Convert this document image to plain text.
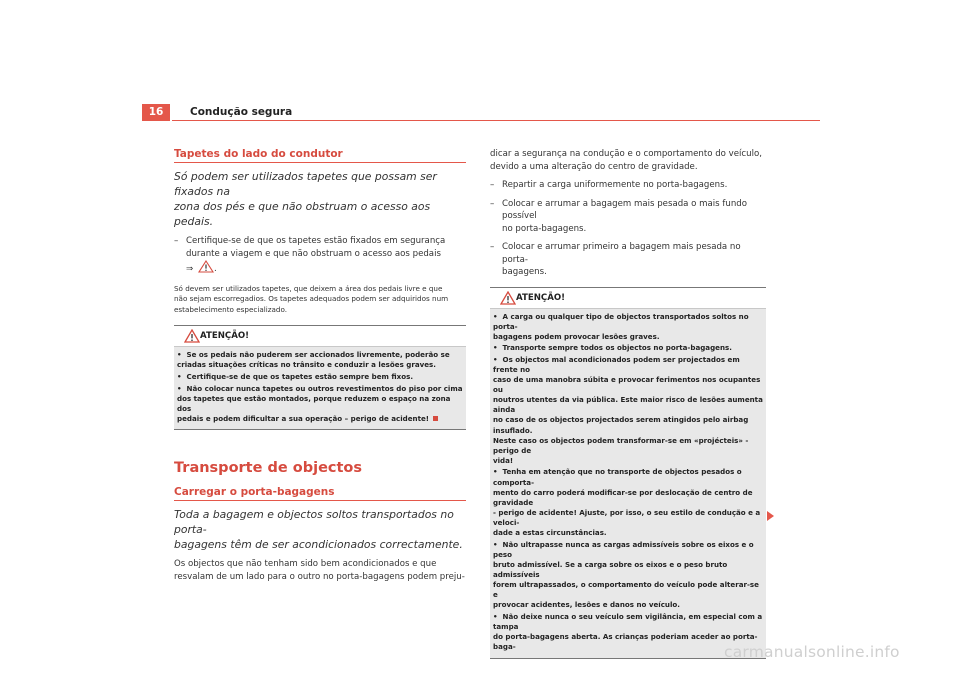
16	Condução segura
Tapetes do lado do condutor

Só podem ser utilizados tapetes que possam ser fixados na
zona dos pés e que não obstruam o acesso aos pedais.

– Certifique-se de que os tapetes estão fixados em segurança
durante a viagem e que não obstruam o acesso aos pedais
⇒ .

Só devem ser utilizados tapetes, que deixem a área dos pedais livre e que
não sejam escorregadios. Os tapetes adequados podem ser adquiridos num
estabelecimento especializado.

ATENÇÃO!

• Se os pedais não puderem ser accionados livremente, poderão se
criadas situações críticas no trânsito e conduzir a lesões graves.

• Certifique-se de que os tapetes estão sempre bem fixos.

• Não colocar nunca tapetes ou outros revestimentos do piso por cima
dos tapetes que estão montados, porque reduzem o espaço na zona dos
pedais e podem dificultar a sua operação – perigo de acidente!

Transporte de objectos
Carregar o porta-bagagens

Toda a bagagem e objectos soltos transportados no porta-
bagagens têm de ser acondicionados correctamente.

Os objectos que não tenham sido bem acondicionados e que
resvalam de um lado para o outro no porta-bagagens podem preju-

dicar a segurança na condução e o comportamento do veículo,
devido a uma alteração do centro de gravidade.

– Repartir a carga uniformemente no porta-bagagens.
– Colocar e arrumar a bagagem mais pesada o mais fundo possível
no porta-bagagens.
– Colocar e arrumar primeiro a bagagem mais pesada no porta-
bagagens.
ATENÇÃO!

• A carga ou qualquer tipo de objectos transportados soltos no porta-
bagagens podem provocar lesões graves.

• Transporte sempre todos os objectos no porta-bagagens.

• Os objectos mal acondicionados podem ser projectados em frente no
caso de uma manobra súbita e provocar ferimentos nos ocupantes ou
noutros utentes da via pública. Este maior risco de lesões aumenta ainda
no caso de os objectos projectados serem atingidos pelo airbag insuflado.
Neste caso os objectos podem transformar-se em «projécteis» - perigo de
vida!

• Tenha em atenção que no transporte de objectos pesados o comporta-
mento do carro poderá modificar-se por deslocação de centro de gravidade
- perigo de acidente! Ajuste, por isso, o seu estilo de condução e a veloci-
dade a estas circunstâncias.

• Não ultrapasse nunca as cargas admissíveis sobre os eixos e o peso
bruto admissível. Se a carga sobre os eixos e o peso bruto admissíveis
forem ultrapassados, o comportamento do veículo pode alterar-se e
provocar acidentes, lesões e danos no veículo.

• Não deixe nunca o seu veículo sem vigilância, em especial com a tampa
do porta-bagagens aberta. As crianças poderiam aceder ao porta-baga-	carmanualsonline.info
